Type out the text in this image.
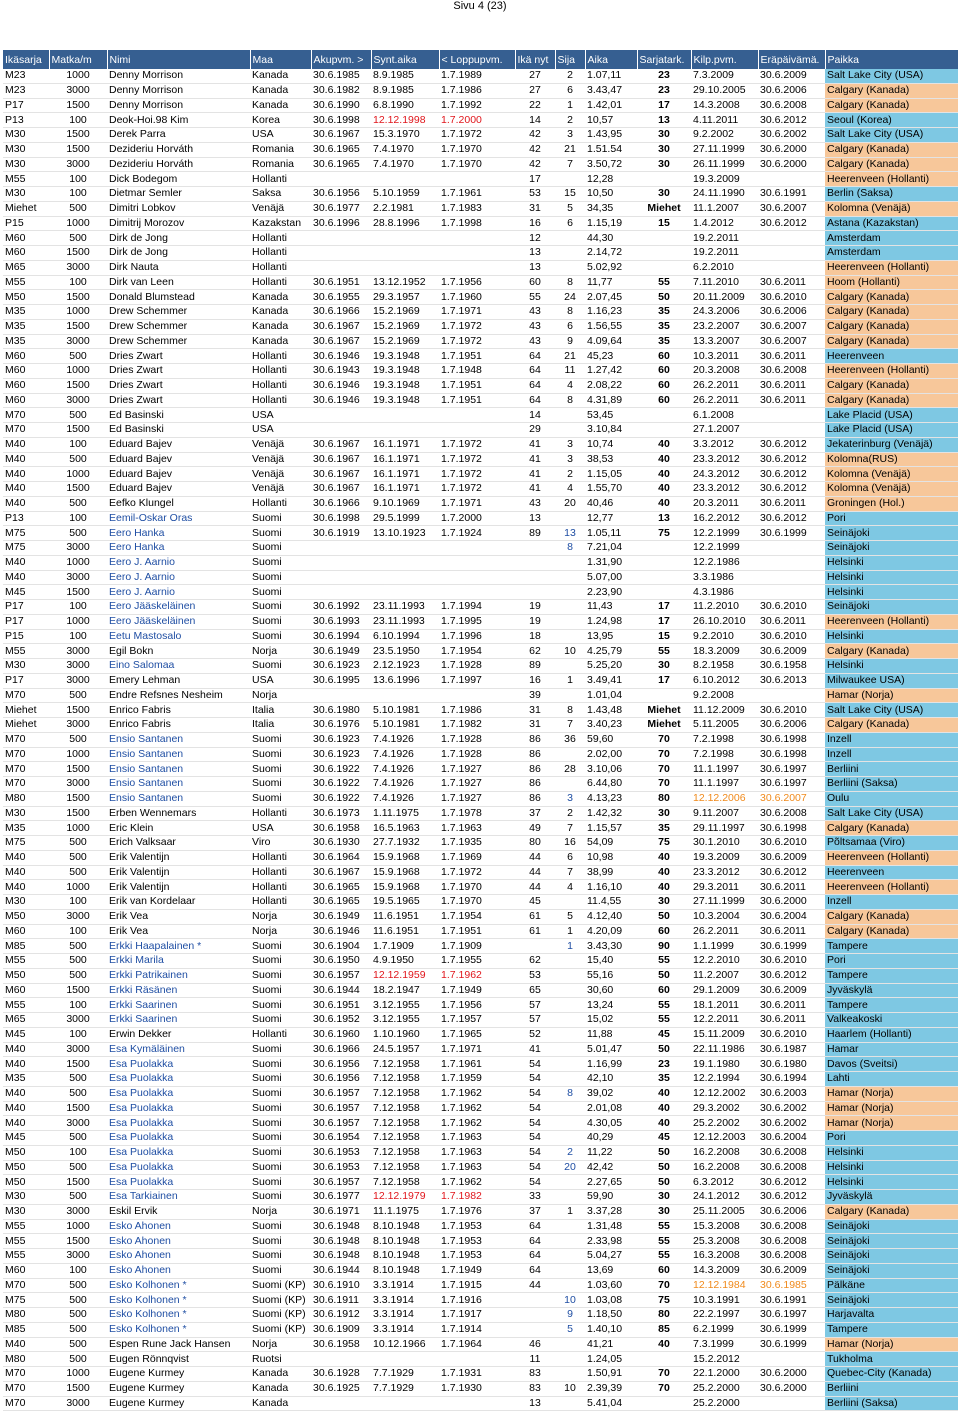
Sivu 4 (23)
Ikäsarja	Matka/m	Nimi	Maa	Akupvm. >	Synt.aika	< Loppupvm.	Ikä nyt	Sija	Aika	Sarjatark.	Kilp.pvm.	Eräpäivämä.	Paikka
M23	1000	Denny Morrison	Kanada	30.6.1985	8.9.1985	1.7.1989	27	2	1.07,11	23	7.3.2009	30.6.2009	Salt Lake City (USA)
M23	3000	Denny Morrison	Kanada	30.6.1982	8.9.1985	1.7.1986	27	6	3.43,47	23	29.10.2005	30.6.2006	Calgary (Kanada)
P17	1500	Denny Morrison	Kanada	30.6.1990	6.8.1990	1.7.1992	22	1	1.42,01	17	14.3.2008	30.6.2008	Calgary (Kanada)
P13	100	Deok-Hoi.98 Kim	Korea	30.6.1998	12.12.1998	1.7.2000	14	2	10,57	13	4.11.2011	30.6.2012	Seoul (Korea)
M30	1500	Derek Parra	USA	30.6.1967	15.3.1970	1.7.1972	42	3	1.43,95	30	9.2.2002	30.6.2002	Salt Lake City (USA)
M30	1500	Dezideriu Horváth	Romania	30.6.1965	7.4.1970	1.7.1970	42	21	1.51.54	30	27.11.1999	30.6.2000	Calgary (Kanada)
M30	3000	Dezideriu Horváth	Romania	30.6.1965	7.4.1970	1.7.1970	42	7	3.50,72	30	26.11.1999	30.6.2000	Calgary (Kanada)
M55	100	Dick Bodegom	Hollanti				17		12,28		19.3.2009		Heerenveen (Hollanti)
M30	100	Dietmar Semler	Saksa	30.6.1956	5.10.1959	1.7.1961	53	15	10,50	30	24.11.1990	30.6.1991	Berlin (Saksa)
Miehet	500	Dimitri Lobkov	Venäjä	30.6.1977	2.2.1981	1.7.1983	31	5	34,35	Miehet	11.1.2007	30.6.2007	Kolomna (Venäjä)
P15	1000	Dimitrij Morozov	Kazakstan	30.6.1996	28.8.1996	1.7.1998	16	6	1.15,19	15	1.4.2012	30.6.2012	Astana (Kazakstan)
M60	500	Dirk de Jong	Hollanti				12		44,30		19.2.2011		Amsterdam
M60	1500	Dirk de Jong	Hollanti				13		2.14,72		19.2.2011		Amsterdam
M65	3000	Dirk Nauta	Hollanti				13		5.02,92		6.2.2010		Heerenveen (Hollanti)
M55	100	Dirk van Leen	Hollanti	30.6.1951	13.12.1952	1.7.1956	60	8	11,77	55	7.11.2010	30.6.2011	Hoom (Hollanti)
M50	1500	Donald Blumstead	Kanada	30.6.1955	29.3.1957	1.7.1960	55	24	2.07,45	50	20.11.2009	30.6.2010	Calgary (Kanada)
M35	1000	Drew Schemmer	Kanada	30.6.1966	15.2.1969	1.7.1971	43	8	1.16,23	35	24.3.2006	30.6.2006	Calgary (Kanada)
M35	1500	Drew Schemmer	Kanada	30.6.1967	15.2.1969	1.7.1972	43	6	1.56,55	35	23.2.2007	30.6.2007	Calgary (Kanada)
M35	3000	Drew Schemmer	Kanada	30.6.1967	15.2.1969	1.7.1972	43	9	4.09,64	35	13.3.2007	30.6.2007	Calgary (Kanada)
M60	500	Dries Zwart	Hollanti	30.6.1946	19.3.1948	1.7.1951	64	21	45,23	60	10.3.2011	30.6.2011	Heerenveen
M60	1000	Dries Zwart	Hollanti	30.6.1943	19.3.1948	1.7.1948	64	11	1.27,42	60	20.3.2008	30.6.2008	Heerenveen (Hollanti)
M60	1500	Dries Zwart	Hollanti	30.6.1946	19.3.1948	1.7.1951	64	4	2.08,22	60	26.2.2011	30.6.2011	Calgary (Kanada)
M60	3000	Dries Zwart	Hollanti	30.6.1946	19.3.1948	1.7.1951	64	8	4.31,89	60	26.2.2011	30.6.2011	Calgary (Kanada)
M70	500	Ed Basinski	USA				14		53,45		6.1.2008		Lake Placid (USA)
M70	1500	Ed Basinski	USA				29		3.10,84		27.1.2007		Lake Placid (USA)
M40	100	Eduard Bajev	Venäjä	30.6.1967	16.1.1971	1.7.1972	41	3	10,74	40	3.3.2012	30.6.2012	Jekaterinburg (Venäjä)
M40	500	Eduard Bajev	Venäjä	30.6.1967	16.1.1971	1.7.1972	41	3	38,53	40	23.3.2012	30.6.2012	Kolomna(RUS)
M40	1000	Eduard Bajev	Venäjä	30.6.1967	16.1.1971	1.7.1972	41	2	1.15,05	40	24.3.2012	30.6.2012	Kolomna (Venäjä)
M40	1500	Eduard Bajev	Venäjä	30.6.1967	16.1.1971	1.7.1972	41	4	1.55,70	40	23.3.2012	30.6.2012	Kolomna (Venäjä)
M40	500	Eefko Klungel	Hollanti	30.6.1966	9.10.1969	1.7.1971	43	20	40,46	40	20.3.2011	30.6.2011	Groningen (Hol.)
P13	100	Eemil-Oskar Oras	Suomi	30.6.1998	29.5.1999	1.7.2000	13		12,77	13	16.2.2012	30.6.2012	Pori
M75	500	Eero Hanka	Suomi	30.6.1919	13.10.1923	1.7.1924	89	13	1.05,11	75	12.2.1999	30.6.1999	Seinäjoki
M75	3000	Eero Hanka	Suomi					8	7.21,04		12.2.1999		Seinäjoki
M40	1000	Eero J. Aarnio	Suomi						1.31,90		12.2.1986		Helsinki
M40	3000	Eero J. Aarnio	Suomi						5.07,00		3.3.1986		Helsinki
M45	1500	Eero J. Aarnio	Suomi						2.23,90		4.3.1986		Helsinki
P17	100	Eero Jääskeläinen	Suomi	30.6.1992	23.11.1993	1.7.1994	19		11,43	17	11.2.2010	30.6.2010	Seinäjoki
P17	1000	Eero Jääskeläinen	Suomi	30.6.1993	23.11.1993	1.7.1995	19		1.24,98	17	26.10.2010	30.6.2011	Heerenveen (Hollanti)
P15	100	Eetu Mastosalo	Suomi	30.6.1994	6.10.1994	1.7.1996	18		13,95	15	9.2.2010	30.6.2010	Helsinki
M55	3000	Egil Bokn	Norja	30.6.1949	23.5.1950	1.7.1954	62	10	4.25,79	55	18.3.2009	30.6.2009	Calgary (Kanada)
M30	3000	Eino Salomaa	Suomi	30.6.1923	2.12.1923	1.7.1928	89		5.25,20	30	8.2.1958	30.6.1958	Helsinki
P17	3000	Emery Lehman	USA	30.6.1995	13.6.1996	1.7.1997	16	1	3.49,41	17	6.10.2012	30.6.2013	Milwaukee USA)
M70	500	Endre Refsnes Nesheim	Norja				39		1.01,04		9.2.2008		Hamar (Norja)
Miehet	1500	Enrico Fabris	Italia	30.6.1980	5.10.1981	1.7.1986	31	8	1.43,48	Miehet	11.12.2009	30.6.2010	Salt Lake City (USA)
Miehet	3000	Enrico Fabris	Italia	30.6.1976	5.10.1981	1.7.1982	31	7	3.40,23	Miehet	5.11.2005	30.6.2006	Calgary (Kanada)
M70	500	Ensio Santanen	Suomi	30.6.1923	7.4.1926	1.7.1928	86	36	59,60	70	7.2.1998	30.6.1998	Inzell
M70	1000	Ensio Santanen	Suomi	30.6.1923	7.4.1926	1.7.1928	86		2.02,00	70	7.2.1998	30.6.1998	Inzell
M70	1500	Ensio Santanen	Suomi	30.6.1922	7.4.1926	1.7.1927	86	28	3.10,06	70	11.1.1997	30.6.1997	Berliini
M70	3000	Ensio Santanen	Suomi	30.6.1922	7.4.1926	1.7.1927	86		6.44,80	70	11.1.1997	30.6.1997	Berliini (Saksa)
M80	1500	Ensio Santanen	Suomi	30.6.1922	7.4.1926	1.7.1927	86	3	4.13,23	80	12.12.2006	30.6.2007	Oulu
M30	1500	Erben Wennemars	Hollanti	30.6.1973	1.11.1975	1.7.1978	37	2	1.42,32	30	9.11.2007	30.6.2008	Salt Lake City (USA)
M35	1000	Eric Klein	USA	30.6.1958	16.5.1963	1.7.1963	49	7	1.15,57	35	29.11.1997	30.6.1998	Calgary (Kanada)
M75	500	Erich Valksaar	Viro	30.6.1930	27.7.1932	1.7.1935	80	16	54,09	75	30.1.2010	30.6.2010	Põltsamaa (Viro)
M40	500	Erik Valentijn	Hollanti	30.6.1964	15.9.1968	1.7.1969	44	6	10,98	40	19.3.2009	30.6.2009	Heerenveen (Hollanti)
M40	500	Erik Valentijn	Hollanti	30.6.1967	15.9.1968	1.7.1972	44	7	38,99	40	23.3.2012	30.6.2012	Heerenveen
M40	1000	Erik Valentijn	Hollanti	30.6.1965	15.9.1968	1.7.1970	44	4	1.16,10	40	29.3.2011	30.6.2011	Heerenveen (Hollanti)
M30	100	Erik van Kordelaar	Hollanti	30.6.1965	19.5.1965	1.7.1970	45		11.4,55	30	27.11.1999	30.6.2000	Inzell
M50	3000	Erik Vea	Norja	30.6.1949	11.6.1951	1.7.1954	61	5	4.12,40	50	10.3.2004	30.6.2004	Calgary (Kanada)
M60	100	Erik Vea	Norja	30.6.1946	11.6.1951	1.7.1951	61	1	4.20,09	60	26.2.2011	30.6.2011	Calgary (Kanada)
M85	500	Erkki Haapalainen *	Suomi	30.6.1904	1.7.1909	1.7.1909		1	3.43,30	90	1.1.1999	30.6.1999	Tampere
M55	500	Erkki Marila	Suomi	30.6.1950	4.9.1950	1.7.1955	62		15,40	55	12.2.2010	30.6.2010	Pori
M50	500	Erkki Patrikainen	Suomi	30.6.1957	12.12.1959	1.7.1962	53		55,16	50	11.2.2007	30.6.2012	Tampere
M60	1500	Erkki Räsänen	Suomi	30.6.1944	18.2.1947	1.7.1949	65		30,60	60	29.1.2009	30.6.2009	Jyväskylä
M55	100	Erkki Saarinen	Suomi	30.6.1951	3.12.1955	1.7.1956	57		13,24	55	18.1.2011	30.6.2011	Tampere
M65	3000	Erkki Saarinen	Suomi	30.6.1952	3.12.1955	1.7.1957	57		15,02	55	12.2.2011	30.6.2011	Valkeakoski
M45	100	Erwin Dekker	Hollanti	30.6.1960	1.10.1960	1.7.1965	52		11,88	45	15.11.2009	30.6.2010	Haarlem (Hollanti)
M40	3000	Esa Kymäläinen	Suomi	30.6.1966	24.5.1957	1.7.1971	41		5.01,47	50	22.11.1986	30.6.1987	Hamar
M40	1500	Esa Puolakka	Suomi	30.6.1956	7.12.1958	1.7.1961	54		1.16,99	23	19.1.1980	30.6.1980	Davos (Sveitsi)
M35	500	Esa Puolakka	Suomi	30.6.1956	7.12.1958	1.7.1959	54		42,10	35	12.2.1994	30.6.1994	Lahti
M40	500	Esa Puolakka	Suomi	30.6.1957	7.12.1958	1.7.1962	54	8	39,02	40	12.12.2002	30.6.2003	Hamar (Norja)
M40	1500	Esa Puolakka	Suomi	30.6.1957	7.12.1958	1.7.1962	54		2.01,08	40	29.3.2002	30.6.2002	Hamar (Norja)
M40	3000	Esa Puolakka	Suomi	30.6.1957	7.12.1958	1.7.1962	54		4.30,05	40	25.2.2002	30.6.2002	Hamar (Norja)
M45	500	Esa Puolakka	Suomi	30.6.1954	7.12.1958	1.7.1963	54		40,29	45	12.12.2003	30.6.2004	Pori
M50	100	Esa Puolakka	Suomi	30.6.1953	7.12.1958	1.7.1963	54	2	11,22	50	16.2.2008	30.6.2008	Helsinki
M50	500	Esa Puolakka	Suomi	30.6.1953	7.12.1958	1.7.1963	54	20	42,42	50	16.2.2008	30.6.2008	Helsinki
M50	1500	Esa Puolakka	Suomi	30.6.1957	7.12.1958	1.7.1962	54		2.27,65	50	6.3.2012	30.6.2012	Helsinki
M30	500	Esa Tarkiainen	Suomi	30.6.1977	12.12.1979	1.7.1982	33		59,90	30	24.1.2012	30.6.2012	Jyväskylä
M30	3000	Eskil Ervik	Norja	30.6.1971	11.1.1975	1.7.1976	37	1	3.37,28	30	25.11.2005	30.6.2006	Calgary (Kanada)
M55	1000	Esko Ahonen	Suomi	30.6.1948	8.10.1948	1.7.1953	64		1.31,48	55	15.3.2008	30.6.2008	Seinäjoki
M55	1500	Esko Ahonen	Suomi	30.6.1948	8.10.1948	1.7.1953	64		2.33,98	55	25.3.2008	30.6.2008	Seinäjoki
M55	3000	Esko Ahonen	Suomi	30.6.1948	8.10.1948	1.7.1953	64		5.04,27	55	16.3.2008	30.6.2008	Seinäjoki
M60	100	Esko Ahonen	Suomi	30.6.1944	8.10.1948	1.7.1949	64		13,69	60	14.3.2009	30.6.2009	Seinäjoki
M70	500	Esko Kolhonen *	Suomi (KP)	30.6.1910	3.3.1914	1.7.1915	44		1.03,60	70	12.12.1984	30.6.1985	Pälkäne
M75	500	Esko Kolhonen *	Suomi (KP)	30.6.1911	3.3.1914	1.7.1916		10	1.03,08	75	10.3.1991	30.6.1991	Seinäjoki
M80	500	Esko Kolhonen *	Suomi (KP)	30.6.1912	3.3.1914	1.7.1917		9	1.18,50	80	22.2.1997	30.6.1997	Harjavalta
M85	500	Esko Kolhonen *	Suomi (KP)	30.6.1909	3.3.1914	1.7.1914		5	1.40,10	85	6.2.1999	30.6.1999	Tampere
M40	500	Espen Rune Jack Hansen	Norja	30.6.1958	10.12.1966	1.7.1964	46		41,21	40	7.3.1999	30.6.1999	Hamar (Norja)
M80	500	Eugen Rönnqvist	Ruotsi				11		1.24,05		15.2.2012		Tukholma
M70	1000	Eugene Kurmey	Kanada	30.6.1928	7.7.1929	1.7.1931	83		1.50,91	70	22.1.2000	30.6.2000	Quebec-City (Kanada)
M70	1500	Eugene Kurmey	Kanada	30.6.1925	7.7.1929	1.7.1930	83	10	2.39,39	70	25.2.2000	30.6.2000	Berliini
M70	3000	Eugene Kurmey	Kanada				13		5.41,04		25.2.2000		Berliini (Saksa)
